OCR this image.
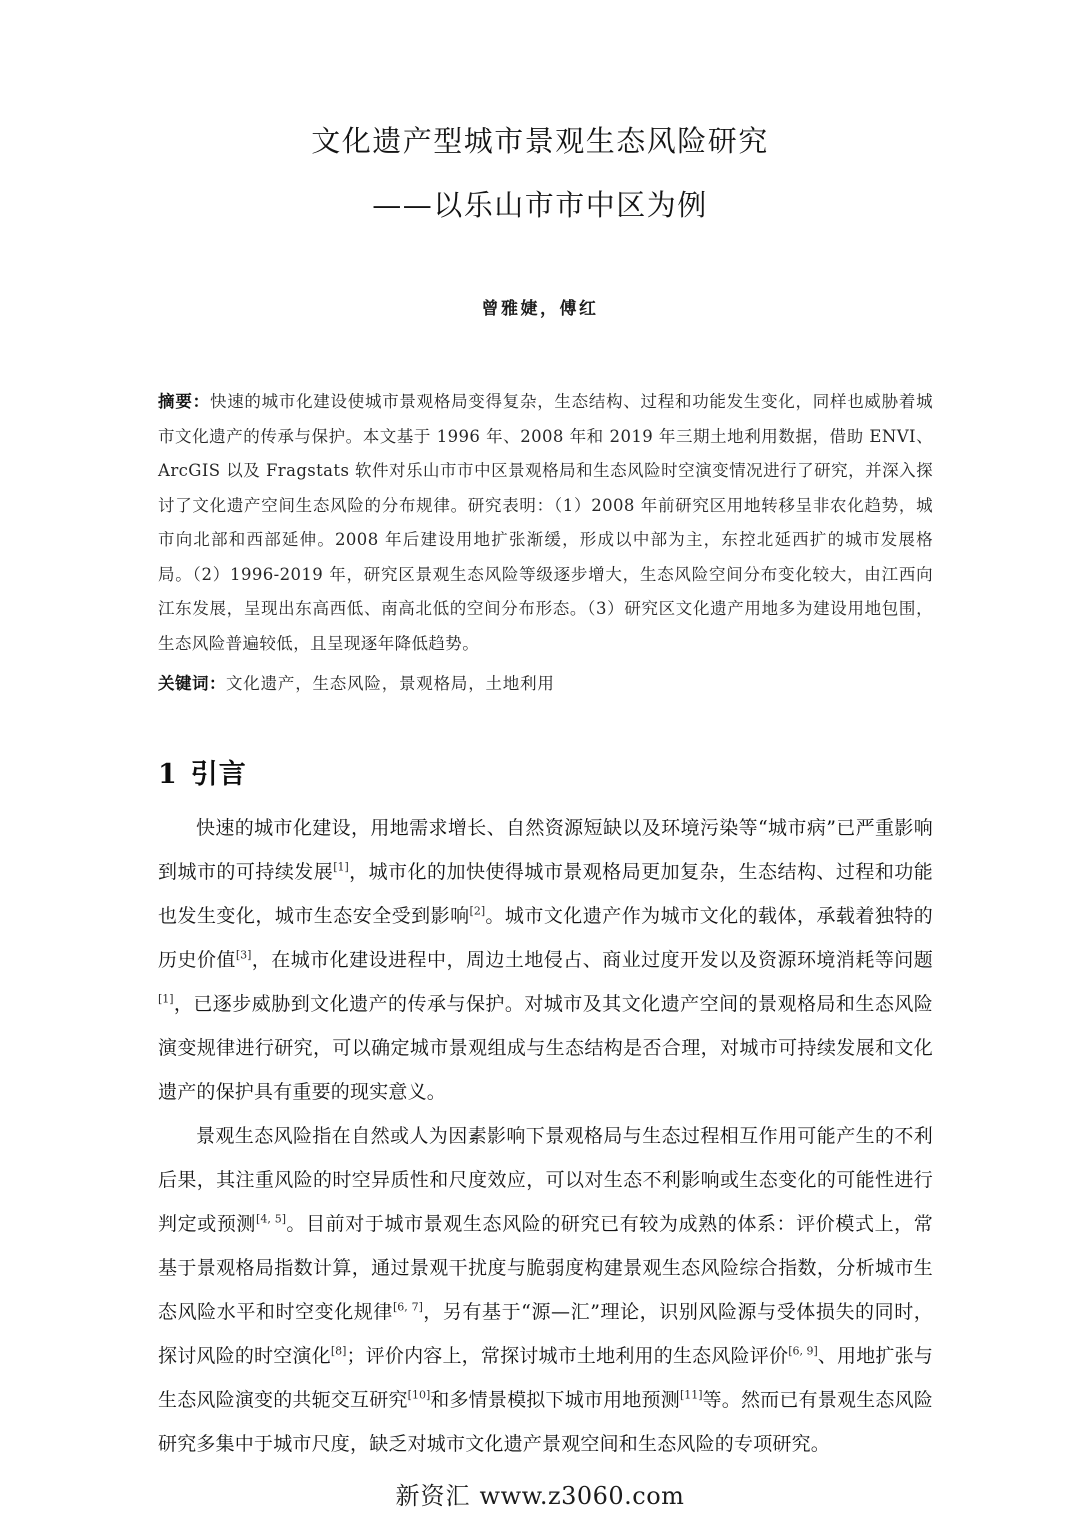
文化遗产型城市景观生态风险研究
——以乐山市市中区为例
曾雅婕，傅红

摘要：快速的城市化建设使城市景观格局变得复杂，生态结构、过程和功能发生变化，同样也威胁着城市文化遗产的传承与保护。本文基于 1996 年、2008 年和 2019 年三期土地利用数据，借助 ENVI、ArcGIS 以及 Fragstats 软件对乐山市市中区景观格局和生态风险时空演变情况进行了研究，并深入探讨了文化遗产空间生态风险的分布规律。研究表明：（1）2008 年前研究区用地转移呈非农化趋势，城市向北部和西部延伸。2008 年后建设用地扩张渐缓，形成以中部为主，东控北延西扩的城市发展格局。（2）1996-2019 年，研究区景观生态风险等级逐步增大，生态风险空间分布变化较大，由江西向江东发展，呈现出东高西低、南高北低的空间分布形态。（3）研究区文化遗产用地多为建设用地包围，生态风险普遍较低，且呈现逐年降低趋势。

关键词：文化遗产，生态风险，景观格局，土地利用

1 引言

快速的城市化建设，用地需求增长、自然资源短缺以及环境污染等“城市病”已严重影响到城市的可持续发展[1]，城市化的加快使得城市景观格局更加复杂，生态结构、过程和功能也发生变化，城市生态安全受到影响[2]。城市文化遗产作为城市文化的载体，承载着独特的历史价值[3]，在城市化建设进程中，周边土地侵占、商业过度开发以及资源环境消耗等问题[1]，已逐步威胁到文化遗产的传承与保护。对城市及其文化遗产空间的景观格局和生态风险演变规律进行研究，可以确定城市景观组成与生态结构是否合理，对城市可持续发展和文化遗产的保护具有重要的现实意义。

景观生态风险指在自然或人为因素影响下景观格局与生态过程相互作用可能产生的不利后果，其注重风险的时空异质性和尺度效应，可以对生态不利影响或生态变化的可能性进行判定或预测[4, 5]。目前对于城市景观生态风险的研究已有较为成熟的体系：评价模式上，常基于景观格局指数计算，通过景观干扰度与脆弱度构建景观生态风险综合指数，分析城市生态风险水平和时空变化规律[6, 7]，另有基于“源—汇”理论，识别风险源与受体损失的同时，探讨风险的时空演化[8]；评价内容上，常探讨城市土地利用的生态风险评价[6, 9]、用地扩张与生态风险演变的共轭交互研究[10]和多情景模拟下城市用地预测[11]等。然而已有景观生态风险研究多集中于城市尺度，缺乏对城市文化遗产景观空间和生态风险的专项研究。

新资汇 www.z3060.com
